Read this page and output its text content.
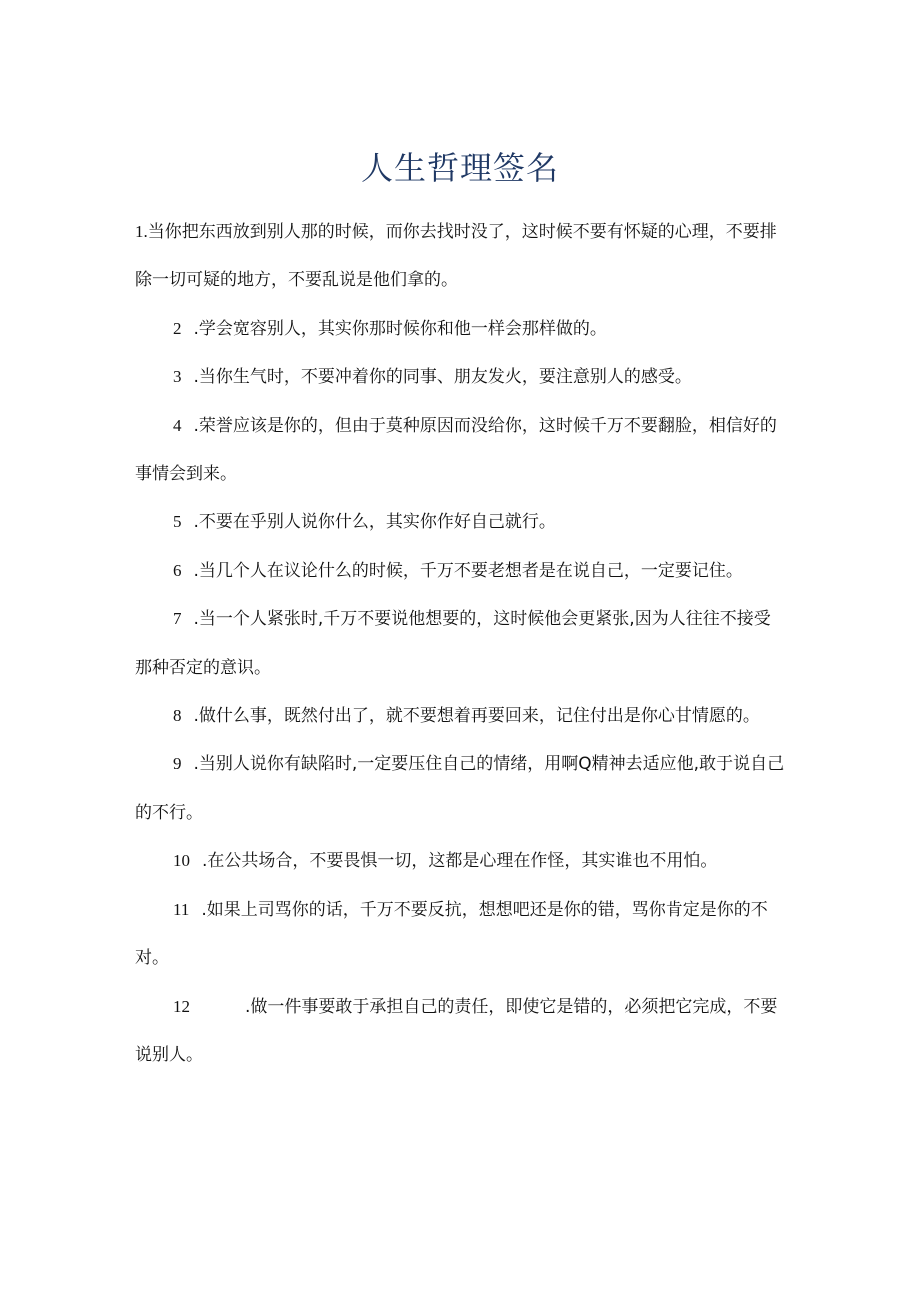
人生哲理签名

1.当你把东西放到别人那的时候，而你去找时没了，这时候不要有怀疑的心理，不要排除一切可疑的地方，不要乱说是他们拿的。

2 .学会宽容别人，其实你那时候你和他一样会那样做的。

3 .当你生气时，不要冲着你的同事、朋友发火，要注意别人的感受。

4 .荣誉应该是你的，但由于莫种原因而没给你，这时候千万不要翻脸，相信好的事情会到来。

5 .不要在乎别人说你什么，其实你作好自己就行。

6 .当几个人在议论什么的时候，千万不要老想者是在说自己，一定要记住。

7 .当一个人紧张时,千万不要说他想要的，这时候他会更紧张,因为人往往不接受那种否定的意识。

8 .做什么事，既然付出了，就不要想着再要回来，记住付出是你心甘情愿的。

9 .当别人说你有缺陷时,一定要压住自己的情绪，用啊Q精神去适应他,敢于说自己的不行。

10 .在公共场合，不要畏惧一切，这都是心理在作怪，其实谁也不用怕。

11 .如果上司骂你的话，千万不要反抗，想想吧还是你的错，骂你肯定是你的不对。

12	.做一件事要敢于承担自己的责任，即使它是错的，必须把它完成，不要说别人。
